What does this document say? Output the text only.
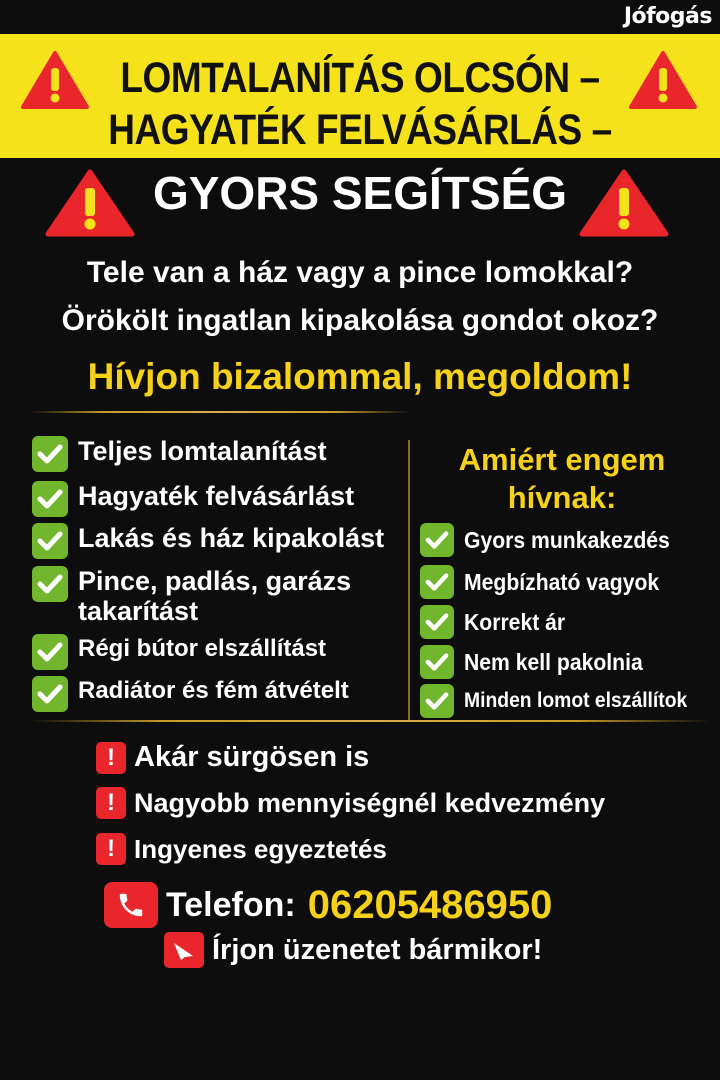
Jófogás
LOMTALANÍTÁS OLCSÓN –
HAGYATÉK FELVÁSÁRLÁS –
GYORS SEGÍTSÉG
Tele van a ház vagy a pince lomokkal?
Örökölt ingatlan kipakolása gondot okoz?
Hívjon bizalommal, megoldom!
Teljes lomtalanítást
Hagyaték felvásárlást
Lakás és ház kipakolást
Pince, padlás, garázs takarítást
Régi bútor elszállítást
Radiátor és fém átvételt
Amiért engem hívnak:
Gyors munkakezdés
Megbízható vagyok
Korrekt ár
Nem kell pakolnia
Minden lomot elszállítok
! Akár sürgösen is
! Nagyobb mennyiségnél kedvezmény
! Ingyenes egyeztetés
Telefon: 06205486950
Írjon üzenetet bármikor!
